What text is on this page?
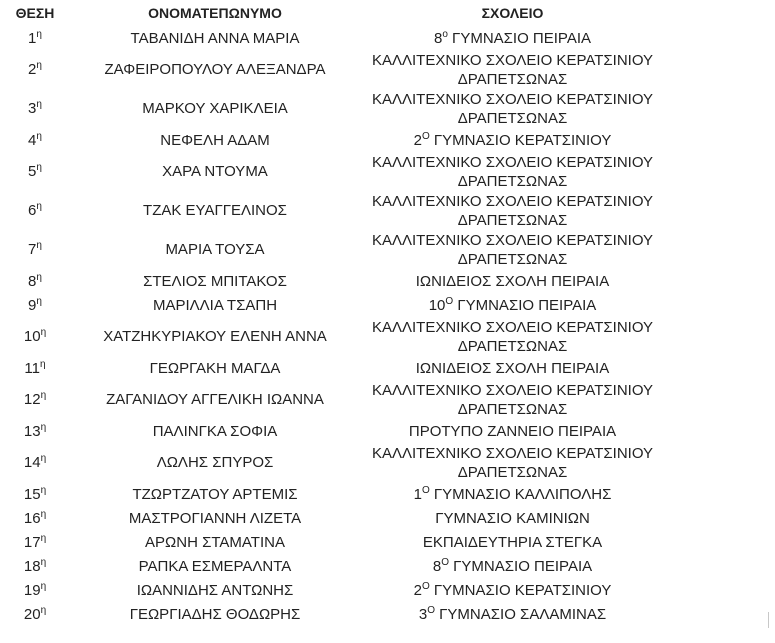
ΘΕΣΗ	ΟΝΟΜΑΤΕΠΩΝΥΜΟ	ΣΧΟΛΕΙΟ
$1^\eta$	ΤΑΒΑΝΙΔΗ ΑΝΝΑ ΜΑΡΙΑ	$8^o$ ΓΥΜΝΑΣΙΟ ΠΕΙΡΑΙΑ
$2^\eta$	ΖΑΦΕΙΡΟΠΟΥΛΟΥ ΑΛΕΞΑΝΔΡΑ	ΚΑΛΛΙΤΕΧΝΙΚΟ ΣΧΟΛΕΙΟ ΚΕΡΑΤΣΙΝΙΟΥ ΔΡΑΠΕΤΣΩΝΑΣ
$3^\eta$	ΜΑΡΚΟΥ ΧΑΡΙΚΛΕΙΑ	ΚΑΛΛΙΤΕΧΝΙΚΟ ΣΧΟΛΕΙΟ ΚΕΡΑΤΣΙΝΙΟΥ ΔΡΑΠΕΤΣΩΝΑΣ
$4^\eta$	ΝΕΦΕΛΗ ΑΔΑΜ	$2^O$ ΓΥΜΝΑΣΙΟ ΚΕΡΑΤΣΙΝΙΟΥ
$5^\eta$	ΧΑΡΑ ΝΤΟΥΜΑ	ΚΑΛΛΙΤΕΧΝΙΚΟ ΣΧΟΛΕΙΟ ΚΕΡΑΤΣΙΝΙΟΥ ΔΡΑΠΕΤΣΩΝΑΣ
$6^\eta$	ΤΖΑΚ ΕΥΑΓΓΕΛΙΝΟΣ	ΚΑΛΛΙΤΕΧΝΙΚΟ ΣΧΟΛΕΙΟ ΚΕΡΑΤΣΙΝΙΟΥ ΔΡΑΠΕΤΣΩΝΑΣ
$7^\eta$	ΜΑΡΙΑ ΤΟΥΣΑ	ΚΑΛΛΙΤΕΧΝΙΚΟ ΣΧΟΛΕΙΟ ΚΕΡΑΤΣΙΝΙΟΥ ΔΡΑΠΕΤΣΩΝΑΣ
$8^\eta$	ΣΤΕΛΙΟΣ ΜΠΙΤΑΚΟΣ	ΙΩΝΙΔΕΙΟΣ ΣΧΟΛΗ ΠΕΙΡΑΙΑ
$9^\eta$	ΜΑΡΙΛΛΙΑ ΤΣΑΠΗ	$10^O$ ΓΥΜΝΑΣΙΟ ΠΕΙΡΑΙΑ
$10^\eta$	ΧΑΤΖΗΚΥΡΙΑΚΟΥ ΕΛΕΝΗ ΑΝΝΑ	ΚΑΛΛΙΤΕΧΝΙΚΟ ΣΧΟΛΕΙΟ ΚΕΡΑΤΣΙΝΙΟΥ ΔΡΑΠΕΤΣΩΝΑΣ
$11^\eta$	ΓΕΩΡΓΑΚΗ ΜΑΓΔΑ	ΙΩΝΙΔΕΙΟΣ ΣΧΟΛΗ ΠΕΙΡΑΙΑ
$12^\eta$	ΖΑΓΑΝΙΔΟΥ ΑΓΓΕΛΙΚΗ ΙΩΑΝΝΑ	ΚΑΛΛΙΤΕΧΝΙΚΟ ΣΧΟΛΕΙΟ ΚΕΡΑΤΣΙΝΙΟΥ ΔΡΑΠΕΤΣΩΝΑΣ
$13^\eta$	ΠΑΛΙΝΓΚΑ ΣΟΦΙΑ	ΠΡΟΤΥΠΟ ΖΑΝΝΕΙΟ ΠΕΙΡΑΙΑ
$14^\eta$	ΛΩΛΗΣ ΣΠΥΡΟΣ	ΚΑΛΛΙΤΕΧΝΙΚΟ ΣΧΟΛΕΙΟ ΚΕΡΑΤΣΙΝΙΟΥ ΔΡΑΠΕΤΣΩΝΑΣ
$15^\eta$	ΤΖΩΡΤΖΑΤΟΥ ΑΡΤΕΜΙΣ	$1^O$ ΓΥΜΝΑΣΙΟ ΚΑΛΛΙΠΟΛΗΣ
$16^\eta$	ΜΑΣΤΡΟΓΙΑΝΝΗ ΛΙΖΕΤΑ	ΓΥΜΝΑΣΙΟ ΚΑΜΙΝΙΩΝ
$17^\eta$	ΑΡΩΝΗ ΣΤΑΜΑΤΙΝΑ	ΕΚΠΑΙΔΕΥΤΗΡΙΑ ΣΤΕΓΚΑ
$18^\eta$	ΡΑΠΚΑ ΕΣΜΕΡΑΛΝΤΑ	$8^O$ ΓΥΜΝΑΣΙΟ ΠΕΙΡΑΙΑ
$19^\eta$	ΙΩΑΝΝΙΔΗΣ ΑΝΤΩΝΗΣ	$2^O$ ΓΥΜΝΑΣΙΟ ΚΕΡΑΤΣΙΝΙΟΥ
$20^\eta$	ΓΕΩΡΓΙΑΔΗΣ ΘΟΔΩΡΗΣ	$3^O$ ΓΥΜΝΑΣΙΟ ΣΑΛΑΜΙΝΑΣ
